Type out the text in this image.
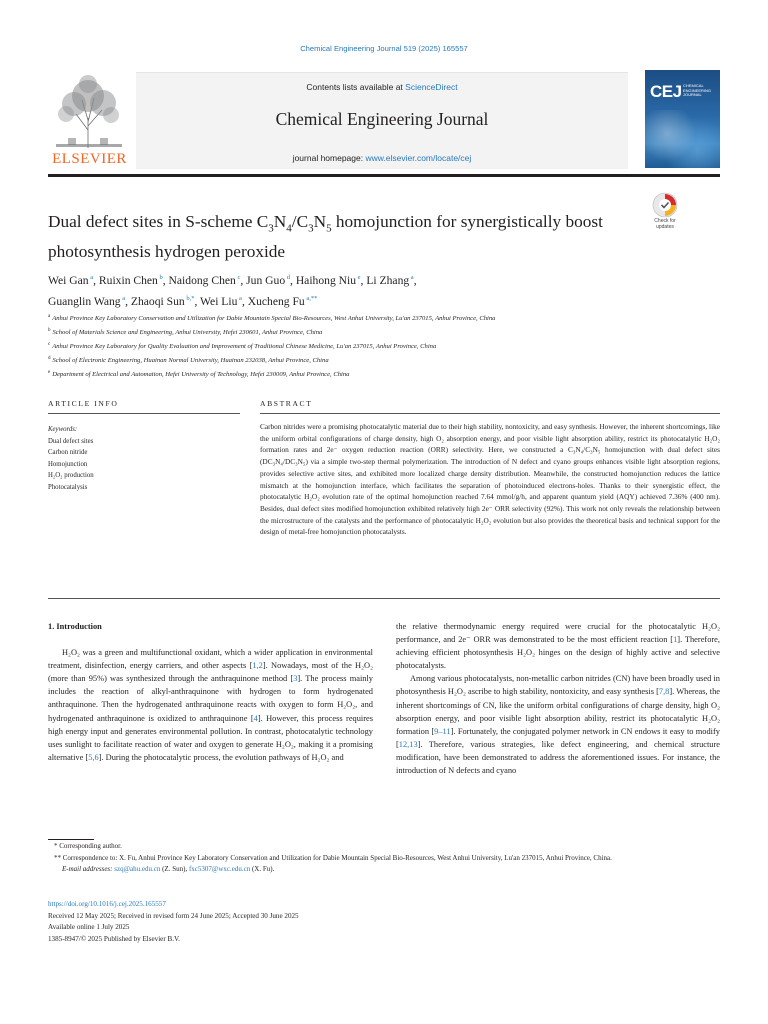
Chemical Engineering Journal 519 (2025) 165557
ELSEVIER
Contents lists available at ScienceDirect
Chemical Engineering Journal
journal homepage: www.elsevier.com/locate/cej
CEJ CHEMICAL ENGINEERING JOURNAL
Dual defect sites in S-scheme $C_3N_4/C_3N_5$ homojunction for synergistically boost photosynthesis hydrogen peroxide
Check for updates
Wei Gan $^a$, Ruixin Chen $^b$, Naidong Chen $^c$, Jun Guo $^d$, Haihong Niu $^e$, Li Zhang $^a$,
Guanglin Wang $^a$, Zhaoqi Sun $^{b,*}$, Wei Liu $^a$, Xucheng Fu $^{a,**}$
$^a$ Anhui Province Key Laboratory Conservation and Utilization for Dabie Mountain Special Bio-Resources, West Anhui University, Lu'an 237015, Anhui Province, China
$^b$ School of Materials Science and Engineering, Anhui University, Hefei 230601, Anhui Province, China
$^c$ Anhui Province Key Laboratory for Quality Evaluation and Improvement of Traditional Chinese Medicine, Lu'an 237015, Anhui Province, China
$^d$ School of Electronic Engineering, Huainan Normal University, Huainan 232038, Anhui Province, China
$^e$ Department of Electrical and Automation, Hefei University of Technology, Hefei 230009, Anhui Province, China
ARTICLE INFO
Keywords:
Dual defect sites
Carbon nitride
Homojunction
H₂O₂ production
Photocatalysis
ABSTRACT
Carbon nitrides were a promising photocatalytic material due to their high stability, nontoxicity, and easy synthesis. However, the inherent shortcomings, like the uniform orbital configurations of charge density, high O₂ absorption energy, and poor visible light absorption ability, restrict its photocatalytic H₂O₂ formation rates and 2e⁻ oxygen reduction reaction (ORR) selectivity. Here, we constructed a C₃N₄/C₃N₅ homojunction with dual defect sites (DC₃N₄/DC₃N₅) via a simple two-step thermal polymerization. The introduction of N defect and cyano groups enhances visible light absorption regions, provides selective active sites, and exhibited more localized charge density distribution. Meanwhile, the constructed homojunction reduces the lattice mismatch at the homojunction interface, which facilitates the separation of photoinduced electrons-holes. Thanks to their synergistic effect, the photocatalytic H₂O₂ evolution rate of the optimal homojunction reached 7.64 mmol/g/h, and apparent quantum yield (AQY) achieved 7.36% (400 nm). Besides, dual defect sites modified homojunction exhibited relatively high 2e⁻ ORR selectivity (92%). This work not only reveals the relationship between the microstructure of the catalysts and the performance of photocatalytic H₂O₂ evolution but also provides the theoretical basis and technical support for the design of metal-free homojunction photocatalysts.
1. Introduction

H₂O₂ was a green and multifunctional oxidant, which a wider application in environmental treatment, disinfection, energy carriers, and other aspects [1,2]. Nowadays, most of the H₂O₂ (more than 95%) was synthesized through the anthraquinone method [3]. The process mainly includes the reaction of alkyl-anthraquinone with hydrogen to form hydrogenated anthraquinone. Then the hydrogenated anthraquinone reacts with oxygen to form H₂O₂, and hydrogenated anthraquinone is oxidized to anthraquinone [4]. However, this process requires high energy input and generates environmental pollution. In contrast, photocatalytic technology uses sunlight to facilitate reaction of water and oxygen to generate H₂O₂, making it a promising alternative [5,6]. During the photocatalytic process, the evolution pathways of H₂O₂ and

the relative thermodynamic energy required were crucial for the photocatalytic H₂O₂ performance, and 2e⁻ ORR was demonstrated to be the most efficient reaction [1]. Therefore, achieving efficient photosynthesis H₂O₂ hinges on the design of highly active and selective photocatalysts.

Among various photocatalysts, non-metallic carbon nitrides (CN) have been broadly used in photosynthesis H₂O₂ ascribe to high stability, nontoxicity, and easy synthesis [7,8]. Whereas, the inherent shortcomings of CN, like the uniform orbital configurations of charge density, high O₂ absorption energy, and poor visible light absorption ability, restrict its photocatalytic H₂O₂ formation [9–11]. Fortunately, the conjugated polymer network in CN endows it easy to modify [12,13]. Therefore, various strategies, like defect engineering, and chemical structure modification, have been demonstrated to address the aforementioned issues. For instance, the introduction of N defects and cyano

* Corresponding author.
** Correspondence to: X. Fu, Anhui Province Key Laboratory Conservation and Utilization for Dabie Mountain Special Bio-Resources, West Anhui University, Lu'an 237015, Anhui Province, China.
E-mail addresses: szq@ahu.edu.cn (Z. Sun), fxc5307@wxc.edu.cn (X. Fu).
https://doi.org/10.1016/j.cej.2025.165557
Received 12 May 2025; Received in revised form 24 June 2025; Accepted 30 June 2025
Available online 1 July 2025
1385-8947/© 2025 Published by Elsevier B.V.
